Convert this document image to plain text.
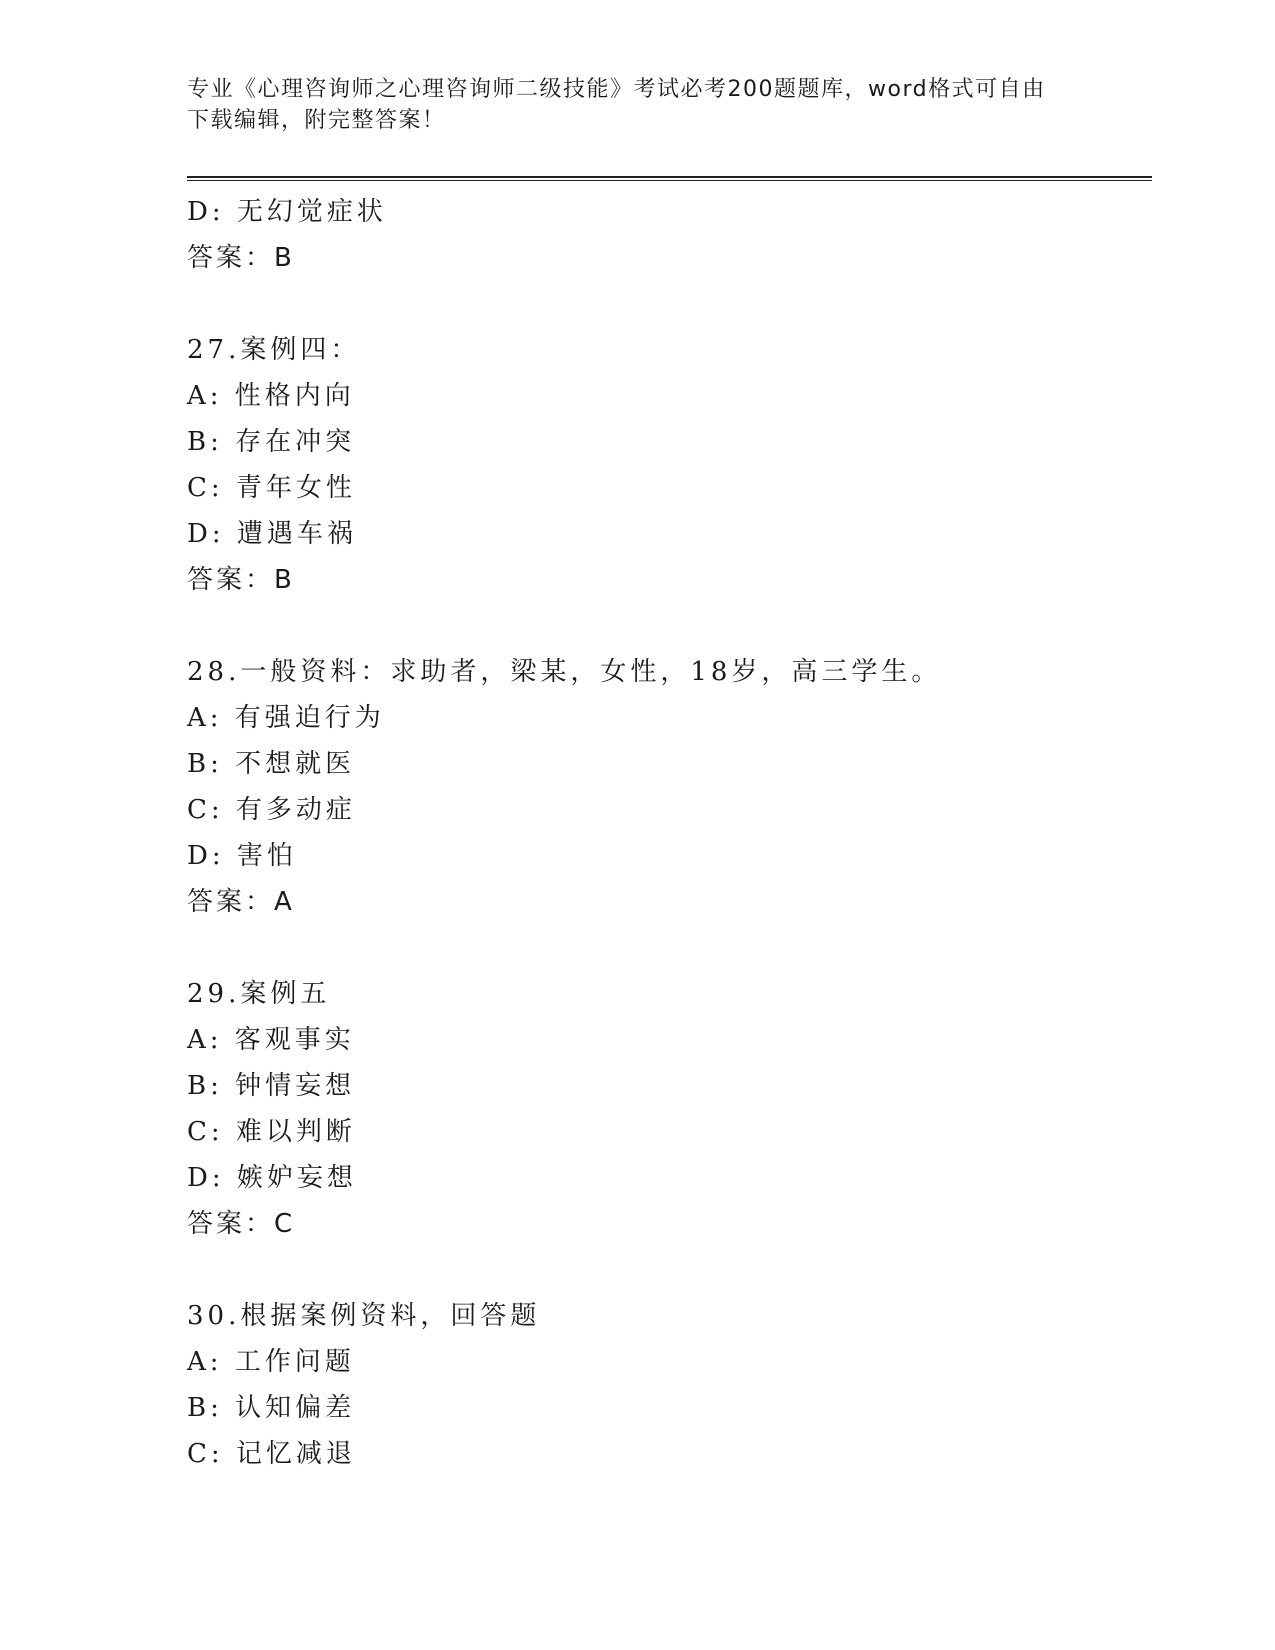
专业《心理咨询师之心理咨询师二级技能》考试必考200题题库，word格式可自由下载编辑，附完整答案！
D: 无幻觉症状
答案：B
27.案例四：
A: 性格内向
B: 存在冲突
C: 青年女性
D: 遭遇车祸
答案：B
28.一般资料：求助者，梁某，女性，18岁，高三学生。
A: 有强迫行为
B: 不想就医
C: 有多动症
D: 害怕
答案：A
29.案例五
A: 客观事实
B: 钟情妄想
C: 难以判断
D: 嫉妒妄想
答案：C
30.根据案例资料，回答题
A: 工作问题
B: 认知偏差
C: 记忆减退
